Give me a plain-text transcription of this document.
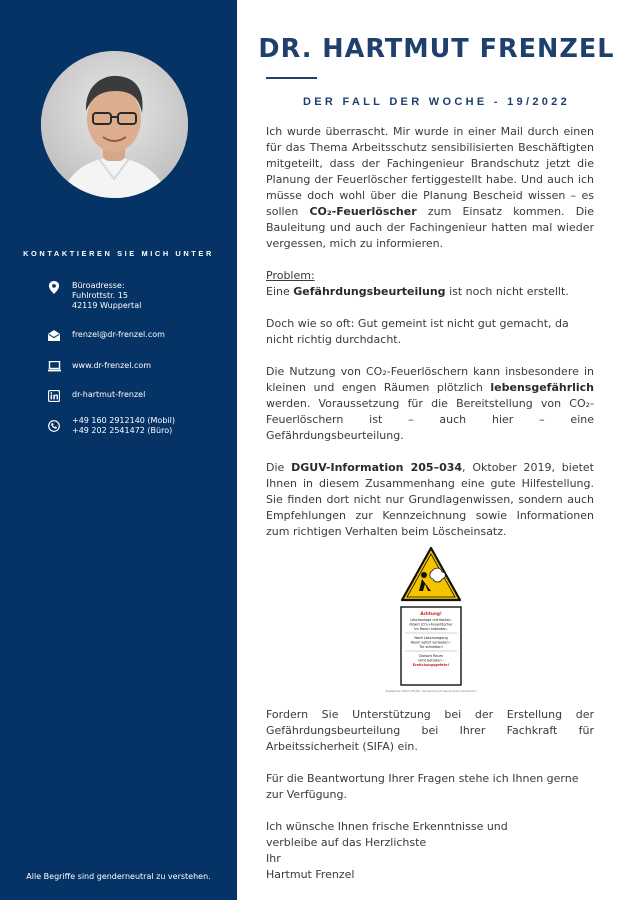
KONTAKTIEREN SIE MICH UNTER
Büroadresse:
Fuhlrottstr. 15
42119 Wuppertal
frenzel@dr-frenzel.com
www.dr-frenzel.com
dr-hartmut-frenzel
+49 160 2912140 (Mobil)
+49 202 2541472 (Büro)
Alle Begriffe sind genderneutral zu verstehen.
DR. HARTMUT FRENZEL
DER FALL DER WOCHE - 19/2022

Ich wurde überrascht. Mir wurde in einer Mail durch einen für das Thema Arbeitsschutz sensibilisierten Beschäftigten mitgeteilt, dass der Fachingenieur Brandschutz jetzt die Planung der Feuerlöscher fertiggestellt habe. Und auch ich müsse doch wohl über die Planung Bescheid wissen – es sollen CO₂-Feuerlöscher zum Einsatz kommen. Die Bauleitung und auch der Fachingenieur hatten mal wieder vergessen, mich zu informieren.

Problem:
Eine Gefährdungsbeurteilung ist noch nicht erstellt.

Doch wie so oft: Gut gemeint ist nicht gut gemacht, da nicht richtig durchdacht.

Die Nutzung von CO₂-Feuerlöschern kann insbesondere in kleinen und engen Räumen plötzlich lebensgefährlich werden. Voraussetzung für die Bereitstellung von CO₂-Feuerlöschern ist – auch hier – eine Gefährdungsbeurteilung.

Die DGUV-Information 205–034, Oktober 2019, bietet Ihnen in diesem Zusammenhang eine gute Hilfestellung. Sie finden dort nicht nur Grundlagenwissen, sondern auch Empfehlungen zur Kennzeichnung sowie Informationen zum richtigen Verhalten beim Löscheinsatz.

Achtung!
Löschanlage mit Kohlen-
dioxid (CO₂)-Feuerlöscher
im Raum anbinden.
Nach Löschvorgang
Raum sofort verlassen –
Tür schließen!
Danach Raum
nicht betreten –
Erstickungsgefahr!
Zusatzzeichen DGUV-I 205-034 – Kennzeichnung für Räume mit CO₂-Feuerlöschern

Fordern Sie Unterstützung bei der Erstellung der Gefährdungsbeurteilung bei Ihrer Fachkraft für Arbeitssicherheit (SIFA) ein.

Für die Beantwortung Ihrer Fragen stehe ich Ihnen gerne zur Verfügung.

Ich wünsche Ihnen frische Erkenntnisse und
verbleibe auf das Herzlichste
Ihr
Hartmut Frenzel
